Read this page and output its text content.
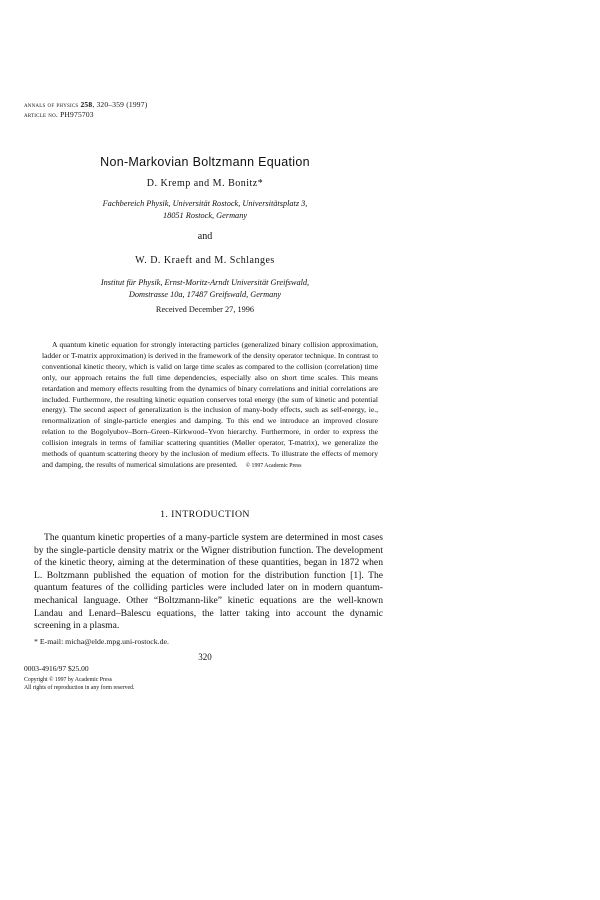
annals of physics 258, 320–359 (1997)
article no. PH975703
Non-Markovian Boltzmann Equation
D. Kremp and M. Bonitz*
Fachbereich Physik, Universität Rostock, Universitätsplatz 3,
18051 Rostock, Germany
and
W. D. Kraeft and M. Schlanges
Institut für Physik, Ernst-Moritz-Arndt Universität Greifswald,
Domstrasse 10a, 17487 Greifswald, Germany
Received December 27, 1996
A quantum kinetic equation for strongly interacting particles (generalized binary collision approximation, ladder or T-matrix approximation) is derived in the framework of the density operator technique. In contrast to conventional kinetic theory, which is valid on large time scales as compared to the collision (correlation) time only, our approach retains the full time dependencies, especially also on short time scales. This means retardation and memory effects resulting from the dynamics of binary correlations and initial correlations are included. Furthermore, the resulting kinetic equation conserves total energy (the sum of kinetic and potential energy). The second aspect of generalization is the inclusion of many-body effects, such as self-energy, ie., renormalization of single-particle energies and damping. To this end we introduce an improved closure relation to the Bogolyubov–Born–Green–Kirkwood–Yvon hierarchy. Furthermore, in order to express the collision integrals in terms of familiar scattering quantities (Møller operator, T-matrix), we generalize the methods of quantum scattering theory by the inclusion of medium effects. To illustrate the effects of memory and damping, the results of numerical simulations are presented. © 1997 Academic Press
1. INTRODUCTION
The quantum kinetic properties of a many-particle system are determined in most cases by the single-particle density matrix or the Wigner distribution function. The development of the kinetic theory, aiming at the determination of these quantities, began in 1872 when L. Boltzmann published the equation of motion for the distribution function [1]. The quantum features of the colliding particles were included later on in modern quantum-mechanical language. Other “Boltzmann-like” kinetic equations are the well-known Landau and Lenard–Balescu equations, the latter taking into account the dynamic screening in a plasma.
* E-mail: micha@elde.mpg.uni-rostock.de.
320
0003-4916/97 $25.00
Copyright © 1997 by Academic Press
All rights of reproduction in any form reserved.
